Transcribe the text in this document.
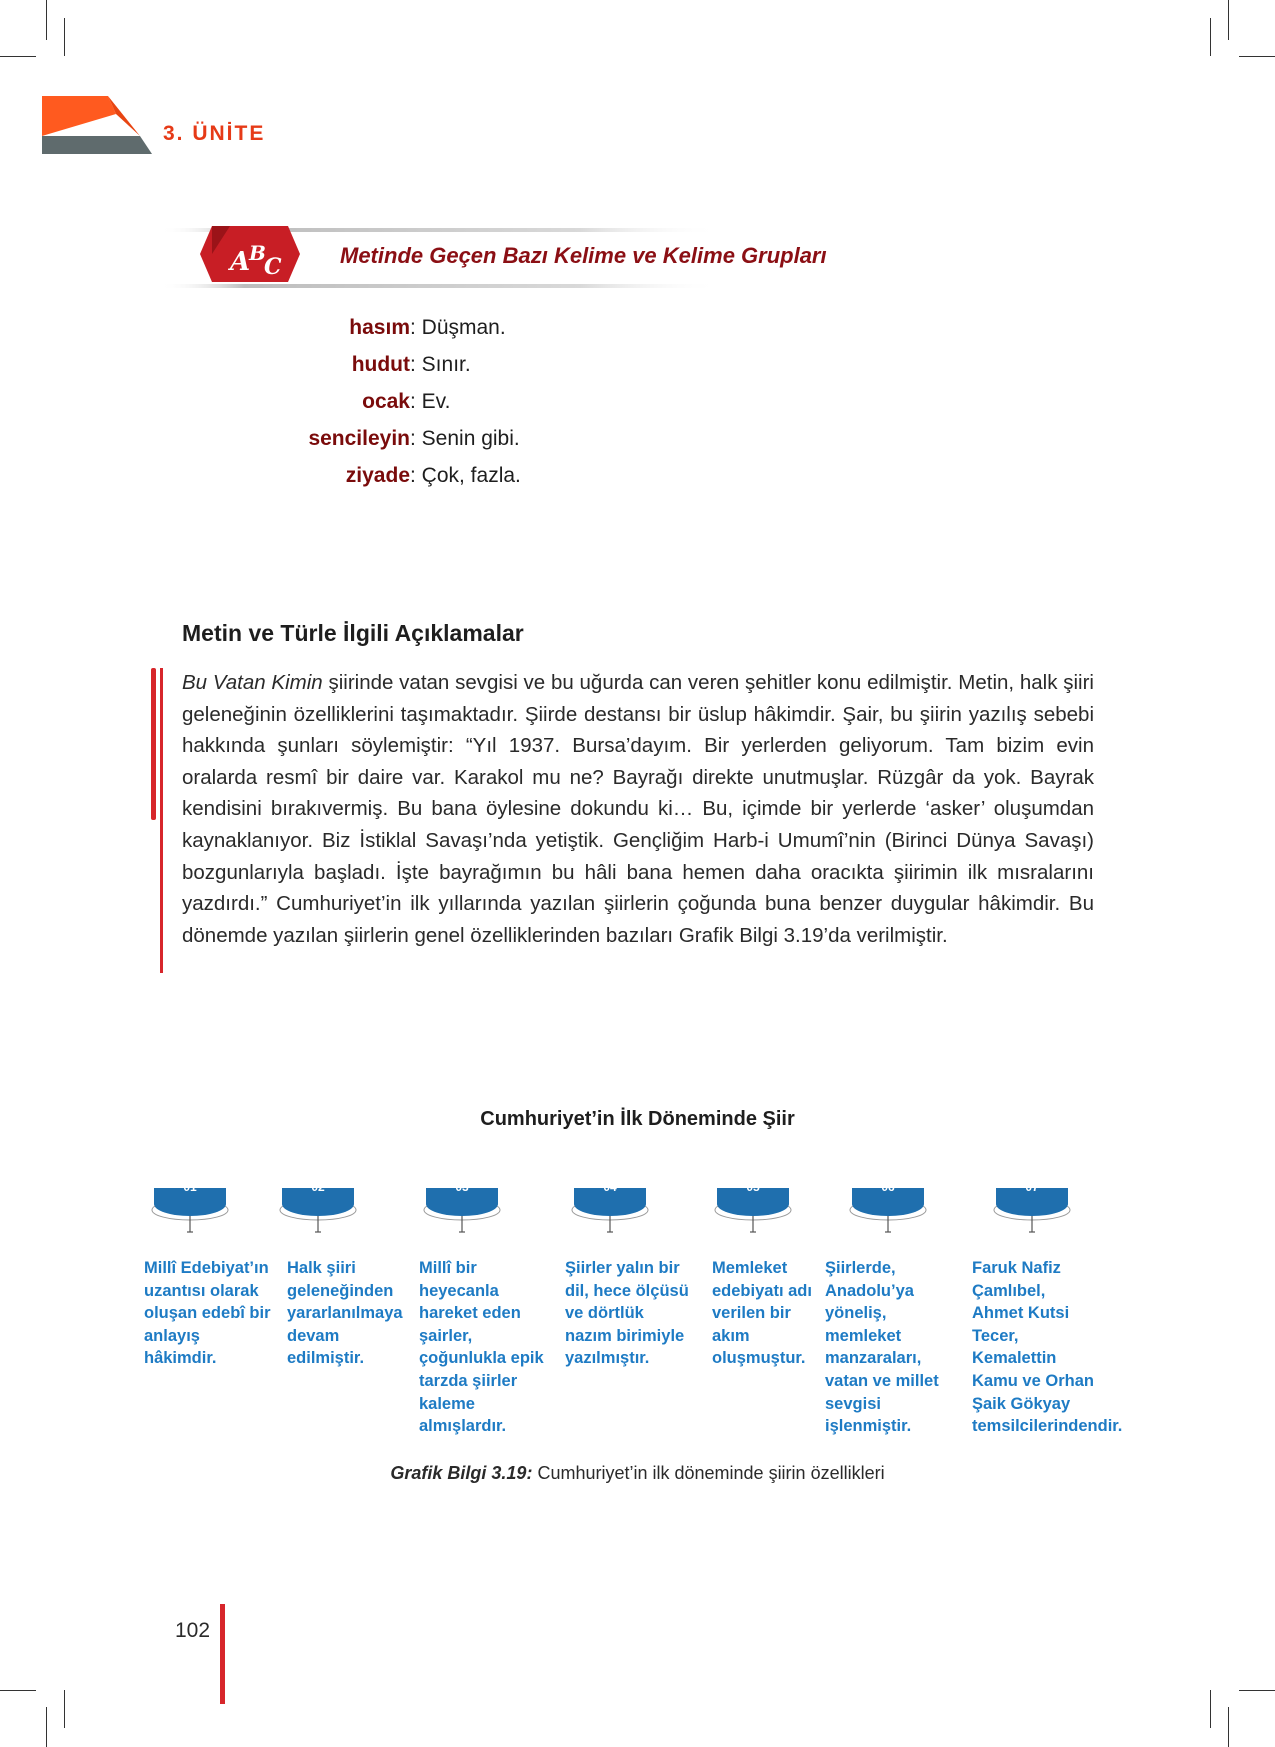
3. ÜNİTE
A
B
C	Metinde Geçen Bazı Kelime ve Kelime Grupları
hasım: Düşman.
hudut: Sınır.
ocak: Ev.
sencileyin: Senin gibi.
ziyade: Çok, fazla.
Metin ve Türle İlgili Açıklamalar
Bu Vatan Kimin şiirinde vatan sevgisi ve bu uğurda can veren şehitler konu edilmiştir. Metin, halk şiiri geleneğinin özelliklerini taşımaktadır. Şiirde destansı bir üslup hâkimdir. Şair, bu şiirin yazılış sebebi hakkında şunları söylemiştir: “Yıl 1937. Bursa’dayım. Bir yerlerden geliyorum. Tam bizim evin oralarda resmî bir daire var. Karakol mu ne? Bayrağı direkte unutmuşlar. Rüzgâr da yok. Bayrak kendisini bırakıvermiş. Bu bana öylesine dokundu ki… Bu, içimde bir yerlerde ‘asker’ oluşumdan kaynaklanıyor. Biz İstiklal Savaşı’nda yetiştik. Gençliğim Harb-i Umumî’nin (Birinci Dünya Savaşı) bozgunlarıyla başladı. İşte bayrağımın bu hâli bana hemen daha oracıkta şiirimin ilk mısralarını yazdırdı.” Cumhuriyet’in ilk yıllarında yazılan şiirlerin çoğunda buna benzer duygular hâkimdir. Bu dönemde yazılan şiirlerin genel özelliklerinden bazıları Grafik Bilgi 3.19’da verilmiştir.
Cumhuriyet’in İlk Döneminde Şiir
01	02	03	04	05	06	07
Millî Edebiyat’ın uzantısı olarak oluşan edebî bir anlayış hâkimdir.
Halk şiiri geleneğinden yararlanılmaya devam edilmiştir.
Millî bir heyecanla hareket eden şairler, çoğunlukla epik tarzda şiirler kaleme almışlardır.
Şiirler yalın bir dil, hece ölçüsü ve dörtlük nazım birimiyle yazılmıştır.
Memleket edebiyatı adı verilen bir akım oluşmuştur.
Şiirlerde, Anadolu’ya yöneliş, memleket manzaraları, vatan ve millet sevgisi işlenmiştir.
Faruk Nafiz Çamlıbel, Ahmet Kutsi Tecer, Kemalettin Kamu ve Orhan Şaik Gökyay temsilcilerindendir.
Grafik Bilgi 3.19: Cumhuriyet’in ilk döneminde şiirin özellikleri
102
